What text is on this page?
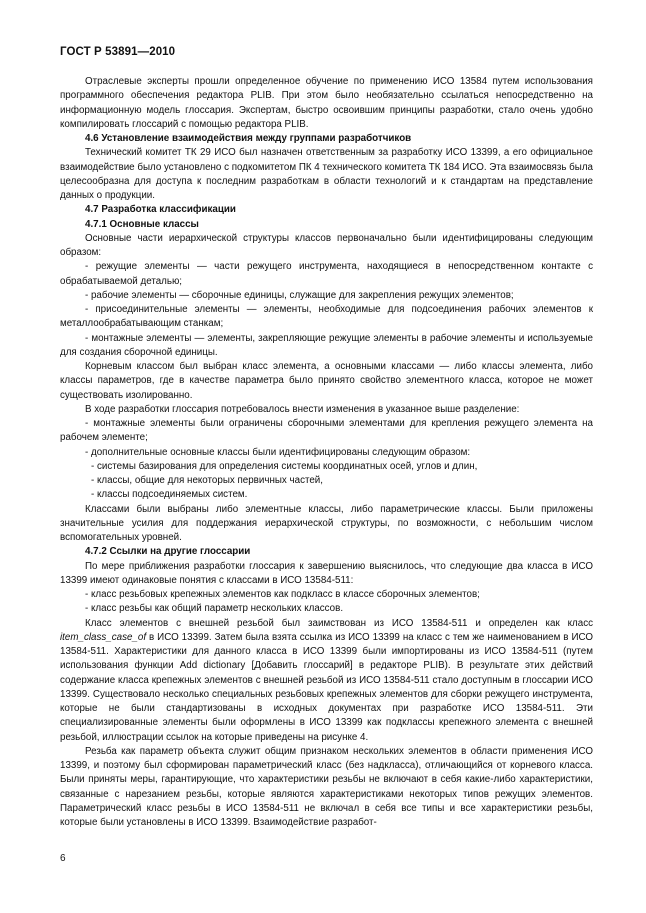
ГОСТ Р 53891—2010

Отраслевые эксперты прошли определенное обучение по применению ИСО 13584 путем использования программного обеспечения редактора PLIB. При этом было необязательно ссылаться непосредственно на информационную модель глоссария. Экспертам, быстро освоившим принципы разработки, стало очень удобно компилировать глоссарий с помощью редактора PLIB.

4.6 Установление взаимодействия между группами разработчиков

Технический комитет ТК 29 ИСО был назначен ответственным за разработку ИСО 13399, а его официальное взаимодействие было установлено с подкомитетом ПК 4 технического комитета ТК 184 ИСО. Эта взаимосвязь была целесообразна для доступа к последним разработкам в области технологий и к стандартам на представление данных о продукции.

4.7 Разработка классификации

4.7.1 Основные классы

Основные части иерархической структуры классов первоначально были идентифицированы следующим образом:

- режущие элементы — части режущего инструмента, находящиеся в непосредственном контакте с обрабатываемой деталью;

- рабочие элементы — сборочные единицы, служащие для закрепления режущих элементов;

- присоединительные элементы — элементы, необходимые для подсоединения рабочих элементов к металлообрабатывающим станкам;

- монтажные элементы — элементы, закрепляющие режущие элементы в рабочие элементы и используемые для создания сборочной единицы.

Корневым классом был выбран класс элемента, а основными классами — либо классы элемента, либо классы параметров, где в качестве параметра было принято свойство элементного класса, которое не может существовать изолированно.

В ходе разработки глоссария потребовалось внести изменения в указанное выше разделение:

- монтажные элементы были ограничены сборочными элементами для крепления режущего элемента на рабочем элементе;

- дополнительные основные классы были идентифицированы следующим образом:

- системы базирования для определения системы координатных осей, углов и длин,

- классы, общие для некоторых первичных частей,

- классы подсоединяемых систем.

Классами были выбраны либо элементные классы, либо параметрические классы. Были приложены значительные усилия для поддержания иерархической структуры, по возможности, с небольшим числом вспомогательных уровней.

4.7.2 Ссылки на другие глоссарии

По мере приближения разработки глоссария к завершению выяснилось, что следующие два класса в ИСО 13399 имеют одинаковые понятия с классами в ИСО 13584-511:

- класс резьбовых крепежных элементов как подкласс в классе сборочных элементов;

- класс резьбы как общий параметр нескольких классов.

Класс элементов с внешней резьбой был заимствован из ИСО 13584-511 и определен как класс item_class_case_of в ИСО 13399. Затем была взята ссылка из ИСО 13399 на класс с тем же наименованием в ИСО 13584-511. Характеристики для данного класса в ИСО 13399 были импортированы из ИСО 13584-511 (путем использования функции Add dictionary [Добавить глоссарий] в редакторе PLIB). В результате этих действий содержание класса крепежных элементов с внешней резьбой из ИСО 13584-511 стало доступным в глоссарии ИСО 13399. Существовало несколько специальных резьбовых крепежных элементов для сборки режущего инструмента, которые не были стандартизованы в исходных документах при разработке ИСО 13584-511. Эти специализированные элементы были оформлены в ИСО 13399 как подклассы крепежного элемента с внешней резьбой, иллюстрации ссылок на которые приведены на рисунке 4.

Резьба как параметр объекта служит общим признаком нескольких элементов в области применения ИСО 13399, и поэтому был сформирован параметрический класс (без надкласса), отличающийся от корневого класса. Были приняты меры, гарантирующие, что характеристики резьбы не включают в себя какие-либо характеристики, связанные с нарезанием резьбы, которые являются характеристиками некоторых типов режущих элементов. Параметрический класс резьбы в ИСО 13584-511 не включал в себя все типы и все характеристики резьбы, которые были установлены в ИСО 13399. Взаимодействие разработ-

6
